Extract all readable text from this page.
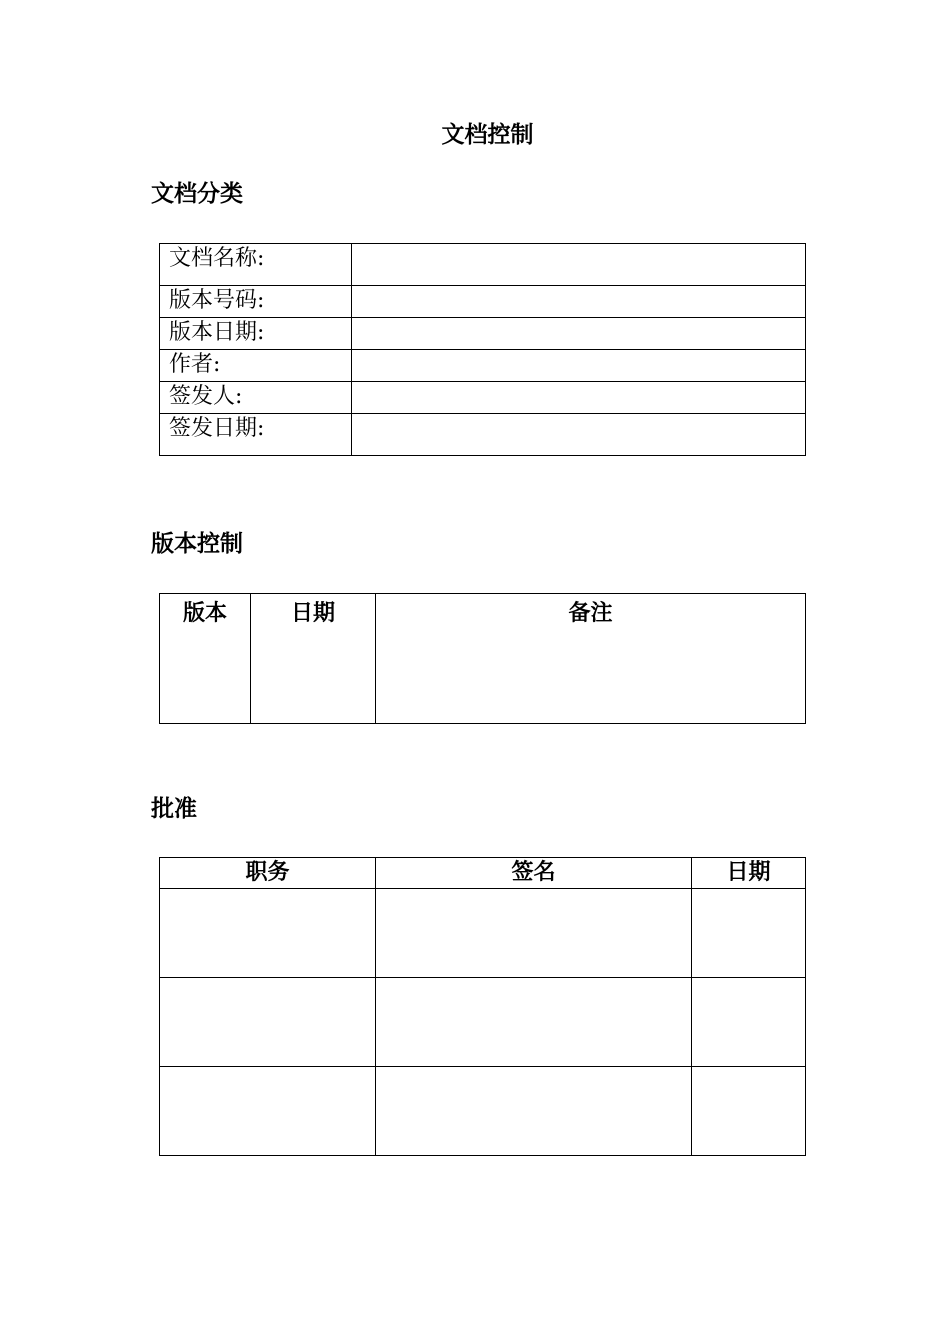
文档控制
文档分类
文档名称:	
版本号码:	
版本日期:	
作者:	
签发人:	
签发日期:	
版本控制
版本	日期	备注
批准
职务	签名	日期
